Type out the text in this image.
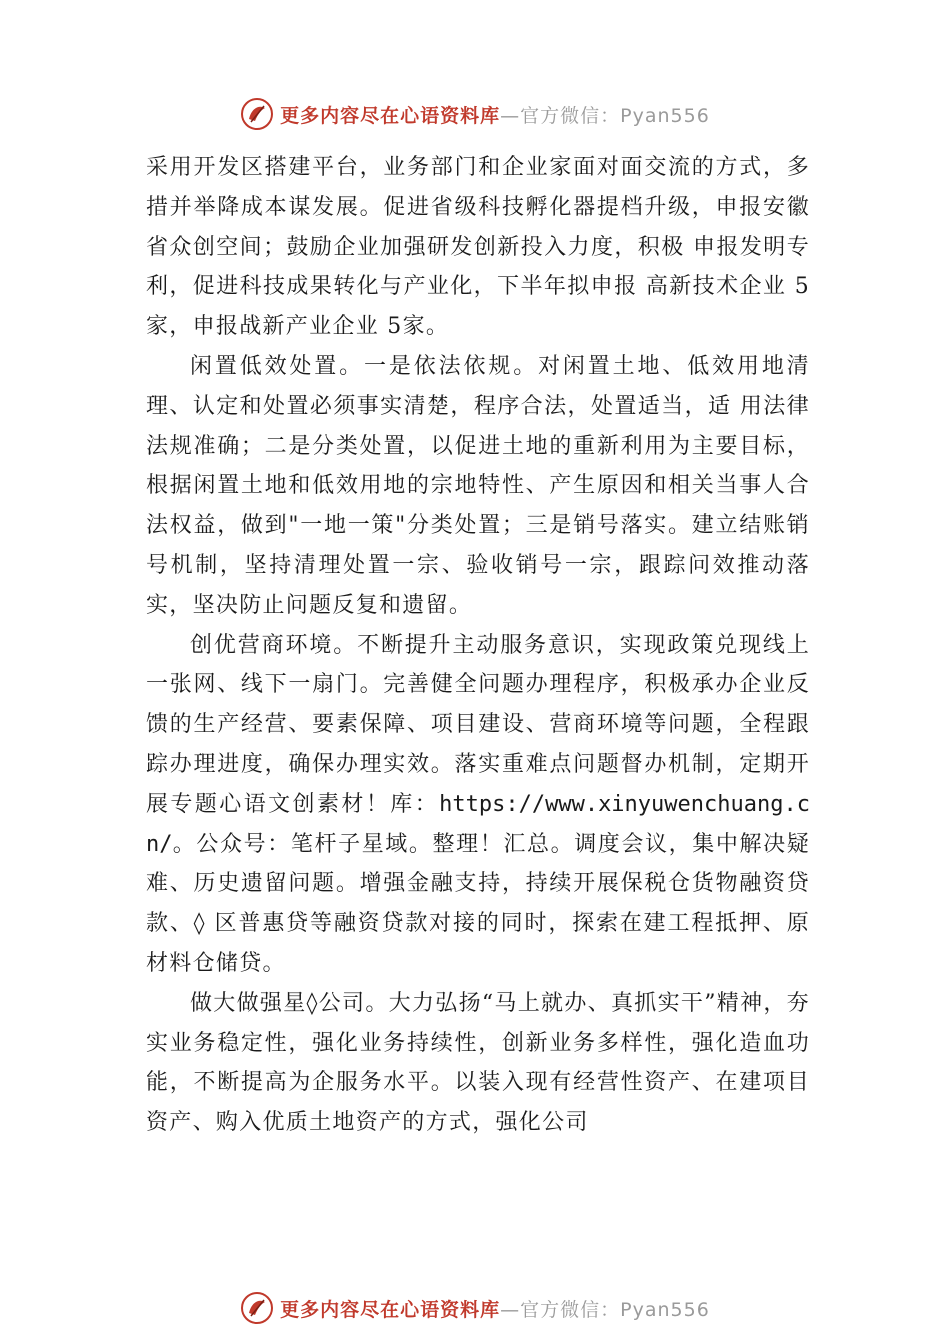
更多内容尽在心语资料库—官方微信：Pyan556

采用开发区搭建平台，业务部门和企业家面对面交流的方式，多措并举降成本谋发展。促进省级科技孵化器提档升级，申报安徽省众创空间；鼓励企业加强研发创新投入力度，积极 申报发明专利，促进科技成果转化与产业化，下半年拟申报 高新技术企业 5家，申报战新产业企业 5家。

闲置低效处置。一是依法依规。对闲置土地、低效用地清理、认定和处置必须事实清楚，程序合法，处置适当，适 用法律法规准确；二是分类处置，以促进土地的重新利用为主要目标，根据闲置土地和低效用地的宗地特性、产生原因和相关当事人合法权益，做到"一地一策"分类处置；三是销号落实。建立结账销号机制，坚持清理处置一宗、验收销号一宗，跟踪问效推动落实，坚决防止问题反复和遗留。

创优营商环境。不断提升主动服务意识，实现政策兑现线上一张网、线下一扇门。完善健全问题办理程序，积极承办企业反馈的生产经营、要素保障、项目建设、营商环境等问题，全程跟踪办理进度，确保办理实效。落实重难点问题督办机制，定期开展专题心语文创素材！库：https://www.xinyuwenchuang.cn/。公众号：笔杆子星域。整理！汇总。调度会议，集中解决疑难、历史遗留问题。增强金融支持，持续开展保税仓货物融资贷款、◊ 区普惠贷等融资贷款对接的同时，探索在建工程抵押、原材料仓储贷。

做大做强星◊公司。大力弘扬“马上就办、真抓实干”精神，夯实业务稳定性，强化业务持续性，创新业务多样性，强化造血功能，不断提高为企服务水平。以装入现有经营性资产、在建项目资产、购入优质土地资产的方式，强化公司

更多内容尽在心语资料库—官方微信：Pyan556
